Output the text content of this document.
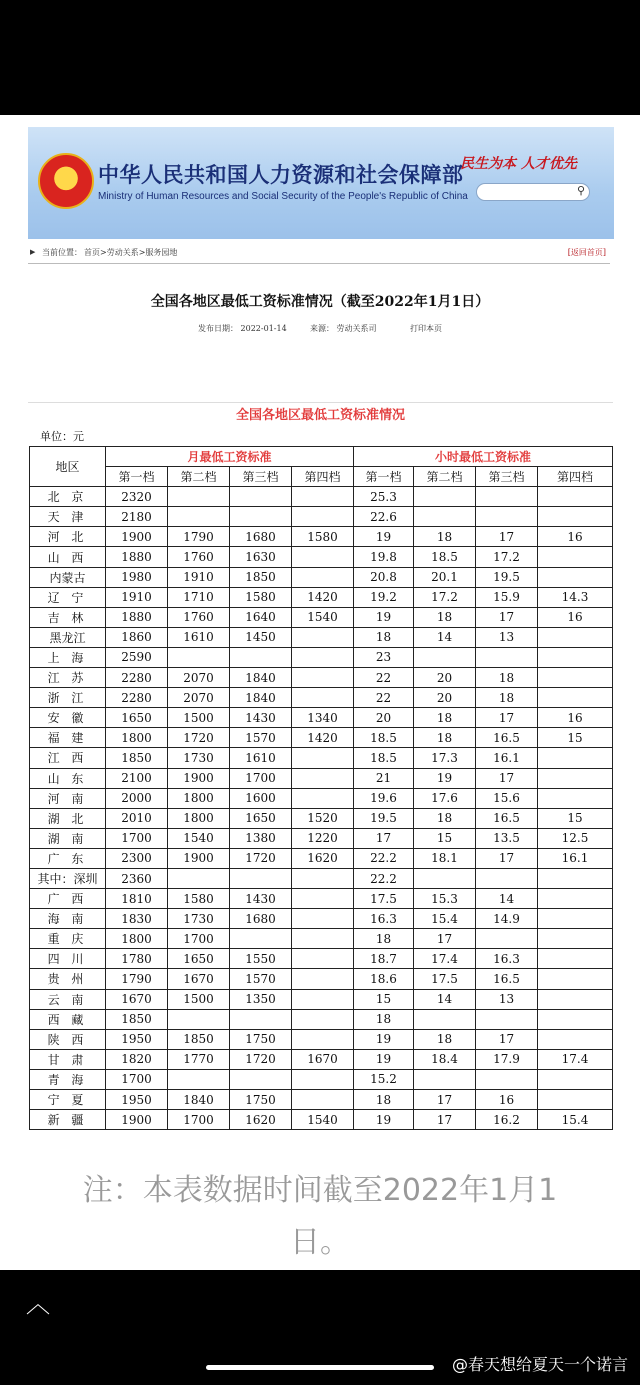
★ 中华人民共和国人力资源和社会保障部
Ministry of Human Resources and Social Security of the People's Republic of China
民生为本 人才优先
⚲
▶ 当前位置： 首页>劳动关系>服务园地	[返回首页]
全国各地区最低工资标准情况（截至2022年1月1日）
发布日期： 2022-01-14	来源： 劳动关系司	打印本页
全国各地区最低工资标准情况
单位：元
地区	月最低工资标准				小时最低工资标准			
	第一档	第二档	第三档	第四档	第一档	第二档	第三档	第四档
北 京	2320				25.3			
天 津	2180				22.6			
河 北	1900	1790	1680	1580	19	18	17	16
山 西	1880	1760	1630		19.8	18.5	17.2	
内蒙古	1980	1910	1850		20.8	20.1	19.5	
辽 宁	1910	1710	1580	1420	19.2	17.2	15.9	14.3
吉 林	1880	1760	1640	1540	19	18	17	16
黑龙江	1860	1610	1450		18	14	13	
上 海	2590				23			
江 苏	2280	2070	1840		22	20	18	
浙 江	2280	2070	1840		22	20	18	
安 徽	1650	1500	1430	1340	20	18	17	16
福 建	1800	1720	1570	1420	18.5	18	16.5	15
江 西	1850	1730	1610		18.5	17.3	16.1	
山 东	2100	1900	1700		21	19	17	
河 南	2000	1800	1600		19.6	17.6	15.6	
湖 北	2010	1800	1650	1520	19.5	18	16.5	15
湖 南	1700	1540	1380	1220	17	15	13.5	12.5
广 东	2300	1900	1720	1620	22.2	18.1	17	16.1
其中：深圳	2360				22.2			
广 西	1810	1580	1430		17.5	15.3	14	
海 南	1830	1730	1680		16.3	15.4	14.9	
重 庆	1800	1700			18	17		
四 川	1780	1650	1550		18.7	17.4	16.3	
贵 州	1790	1670	1570		18.6	17.5	16.5	
云 南	1670	1500	1350		15	14	13	
西 藏	1850				18			
陕 西	1950	1850	1750		19	18	17	
甘 肃	1820	1770	1720	1670	19	18.4	17.9	17.4
青 海	1700				15.2			
宁 夏	1950	1840	1750		18	17	16	
新 疆	1900	1700	1620	1540	19	17	16.2	15.4
注：本表数据时间截至2022年1月1
日。
︿
@春天想给夏天一个诺言
